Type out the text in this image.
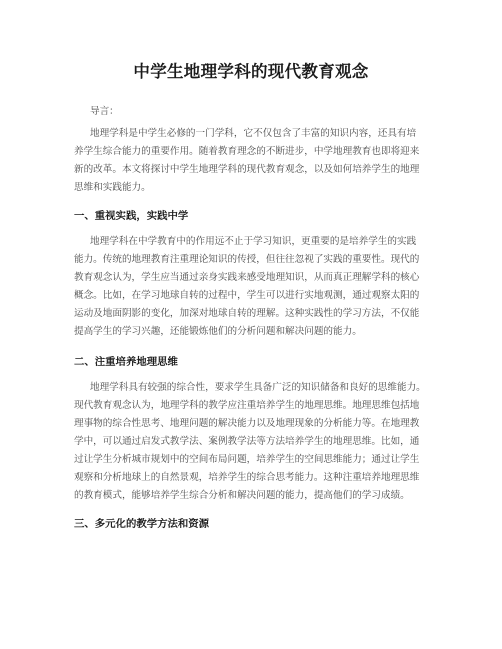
中学生地理学科的现代教育观念
导言：
地理学科是中学生必修的一门学科，它不仅包含了丰富的知识内容，还具有培
养学生综合能力的重要作用。随着教育理念的不断进步，中学地理教育也即将迎来
新的改革。本文将探讨中学生地理学科的现代教育观念，以及如何培养学生的地理
思维和实践能力。
一、重视实践，实践中学
地理学科在中学教育中的作用远不止于学习知识，更重要的是培养学生的实践
能力。传统的地理教育注重理论知识的传授，但往往忽视了实践的重要性。现代的
教育观念认为，学生应当通过亲身实践来感受地理知识，从而真正理解学科的核心
概念。比如，在学习地球自转的过程中，学生可以进行实地观测，通过观察太阳的
运动及地面阴影的变化，加深对地球自转的理解。这种实践性的学习方法，不仅能
提高学生的学习兴趣，还能锻炼他们的分析问题和解决问题的能力。
二、注重培养地理思维
地理学科具有较强的综合性，要求学生具备广泛的知识储备和良好的思维能力。
现代教育观念认为，地理学科的教学应注重培养学生的地理思维。地理思维包括地
理事物的综合性思考、地理问题的解决能力以及地理现象的分析能力等。在地理教
学中，可以通过启发式教学法、案例教学法等方法培养学生的地理思维。比如，通
过让学生分析城市规划中的空间布局问题，培养学生的空间思维能力；通过让学生
观察和分析地球上的自然景观，培养学生的综合思考能力。这种注重培养地理思维
的教育模式，能够培养学生综合分析和解决问题的能力，提高他们的学习成绩。
三、多元化的教学方法和资源
